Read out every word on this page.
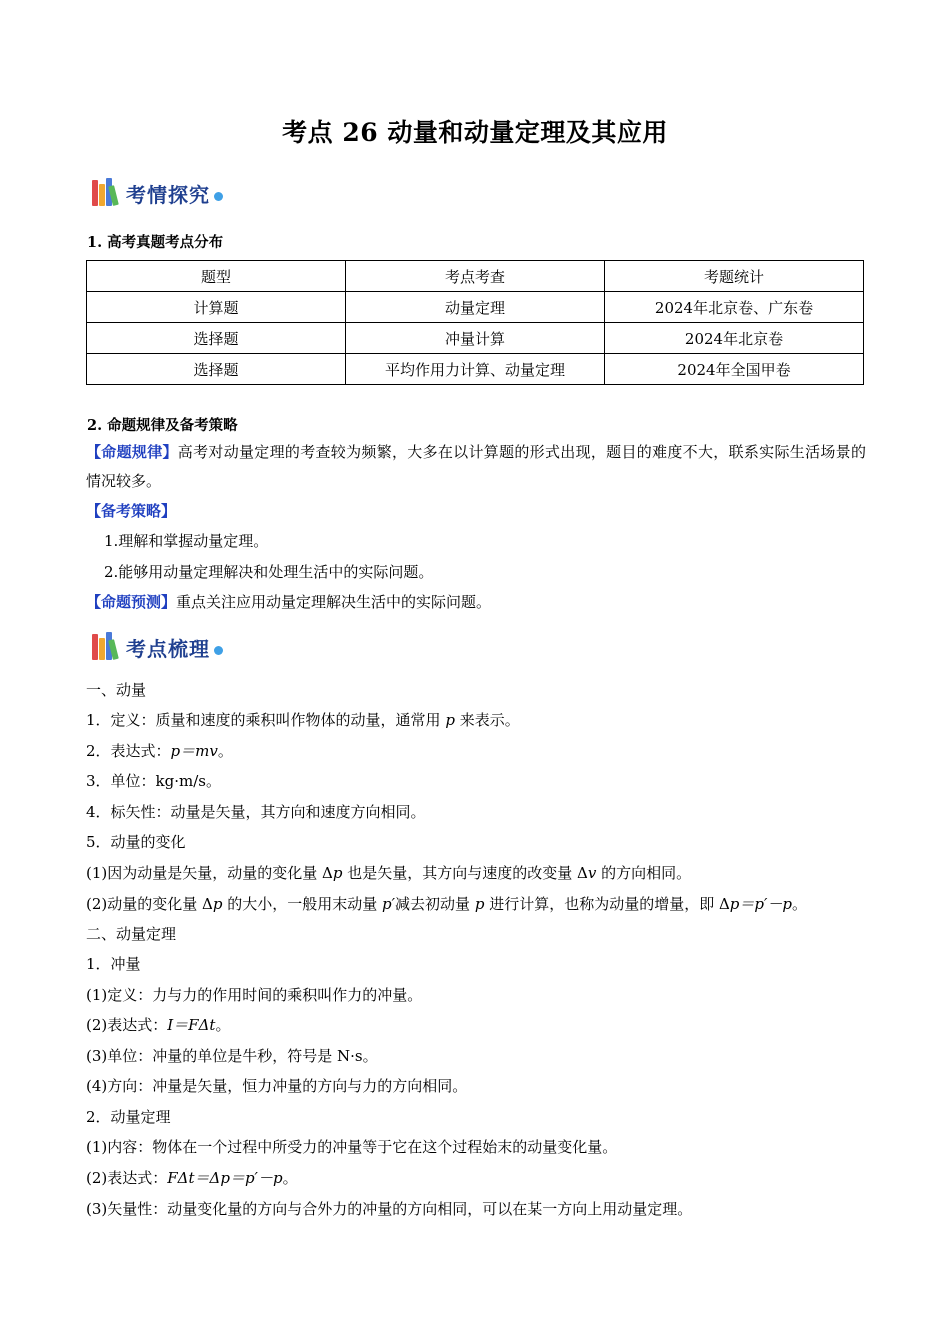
考点 26 动量和动量定理及其应用
考情探究
1. 高考真题考点分布
题型	考点考查	考题统计
计算题	动量定理	2024年北京卷、广东卷
选择题	冲量计算	2024年北京卷
选择题	平均作用力计算、动量定理	2024年全国甲卷
2. 命题规律及备考策略
【命题规律】高考对动量定理的考查较为频繁，大多在以计算题的形式出现，题目的难度不大，联系实际生活场景的情况较多。
【备考策略】
1.理解和掌握动量定理。
2.能够用动量定理解决和处理生活中的实际问题。
【命题预测】重点关注应用动量定理解决生活中的实际问题。
考点梳理
一、动量
1．定义：质量和速度的乘积叫作物体的动量，通常用 p 来表示。
2．表达式：p＝mv。
3．单位：kg·m/s。
4．标矢性：动量是矢量，其方向和速度方向相同。
5．动量的变化
(1)因为动量是矢量，动量的变化量 Δp 也是矢量，其方向与速度的改变量 Δv 的方向相同。
(2)动量的变化量 Δp 的大小，一般用末动量 p′减去初动量 p 进行计算，也称为动量的增量，即 Δp＝p′－p。
二、动量定理
1．冲量
(1)定义：力与力的作用时间的乘积叫作力的冲量。
(2)表达式：I＝FΔt。
(3)单位：冲量的单位是牛秒，符号是 N·s。
(4)方向：冲量是矢量，恒力冲量的方向与力的方向相同。
2．动量定理
(1)内容：物体在一个过程中所受力的冲量等于它在这个过程始末的动量变化量。
(2)表达式：FΔt＝Δp＝p′－p。
(3)矢量性：动量变化量的方向与合外力的冲量的方向相同，可以在某一方向上用动量定理。
